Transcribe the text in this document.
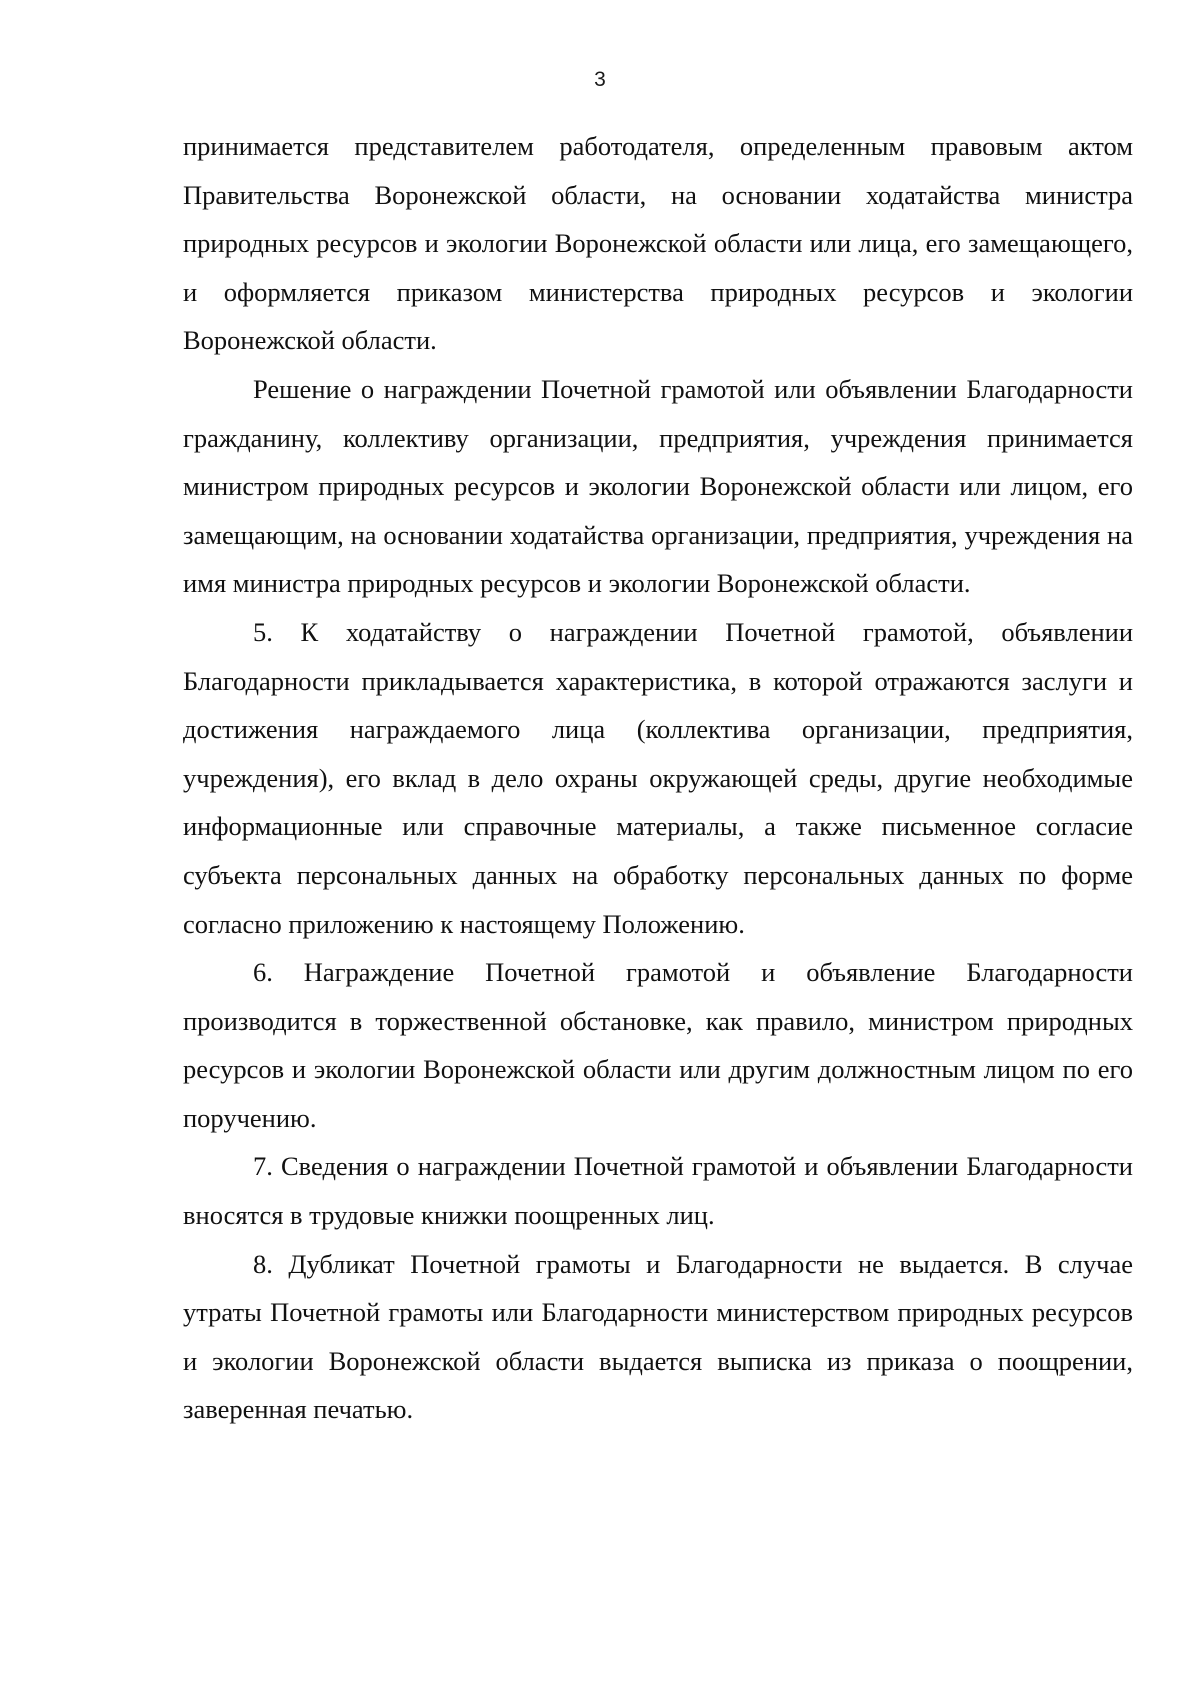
3

принимается представителем работодателя, определенным правовым актом Правительства Воронежской области, на основании ходатайства министра природных ресурсов и экологии Воронежской области или лица, его замещающего, и оформляется приказом министерства природных ресурсов и экологии Воронежской области.

Решение о награждении Почетной грамотой или объявлении Благодарности гражданину, коллективу организации, предприятия, учреждения принимается министром природных ресурсов и экологии Воронежской области или лицом, его замещающим, на основании ходатайства организации, предприятия, учреждения на имя министра природных ресурсов и экологии Воронежской области.

5. К ходатайству о награждении Почетной грамотой, объявлении Благодарности прикладывается характеристика, в которой отражаются заслуги и достижения награждаемого лица (коллектива организации, предприятия, учреждения), его вклад в дело охраны окружающей среды, другие необходимые информационные или справочные материалы, а также письменное согласие субъекта персональных данных на обработку персональных данных по форме согласно приложению к настоящему Положению.

6. Награждение Почетной грамотой и объявление Благодарности производится в торжественной обстановке, как правило, министром природных ресурсов и экологии Воронежской области или другим должностным лицом по его поручению.

7. Сведения о награждении Почетной грамотой и объявлении Благодарности вносятся в трудовые книжки поощренных лиц.

8. Дубликат Почетной грамоты и Благодарности не выдается. В случае утраты Почетной грамоты или Благодарности министерством природных ресурсов и экологии Воронежской области выдается выписка из приказа о поощрении, заверенная печатью.
